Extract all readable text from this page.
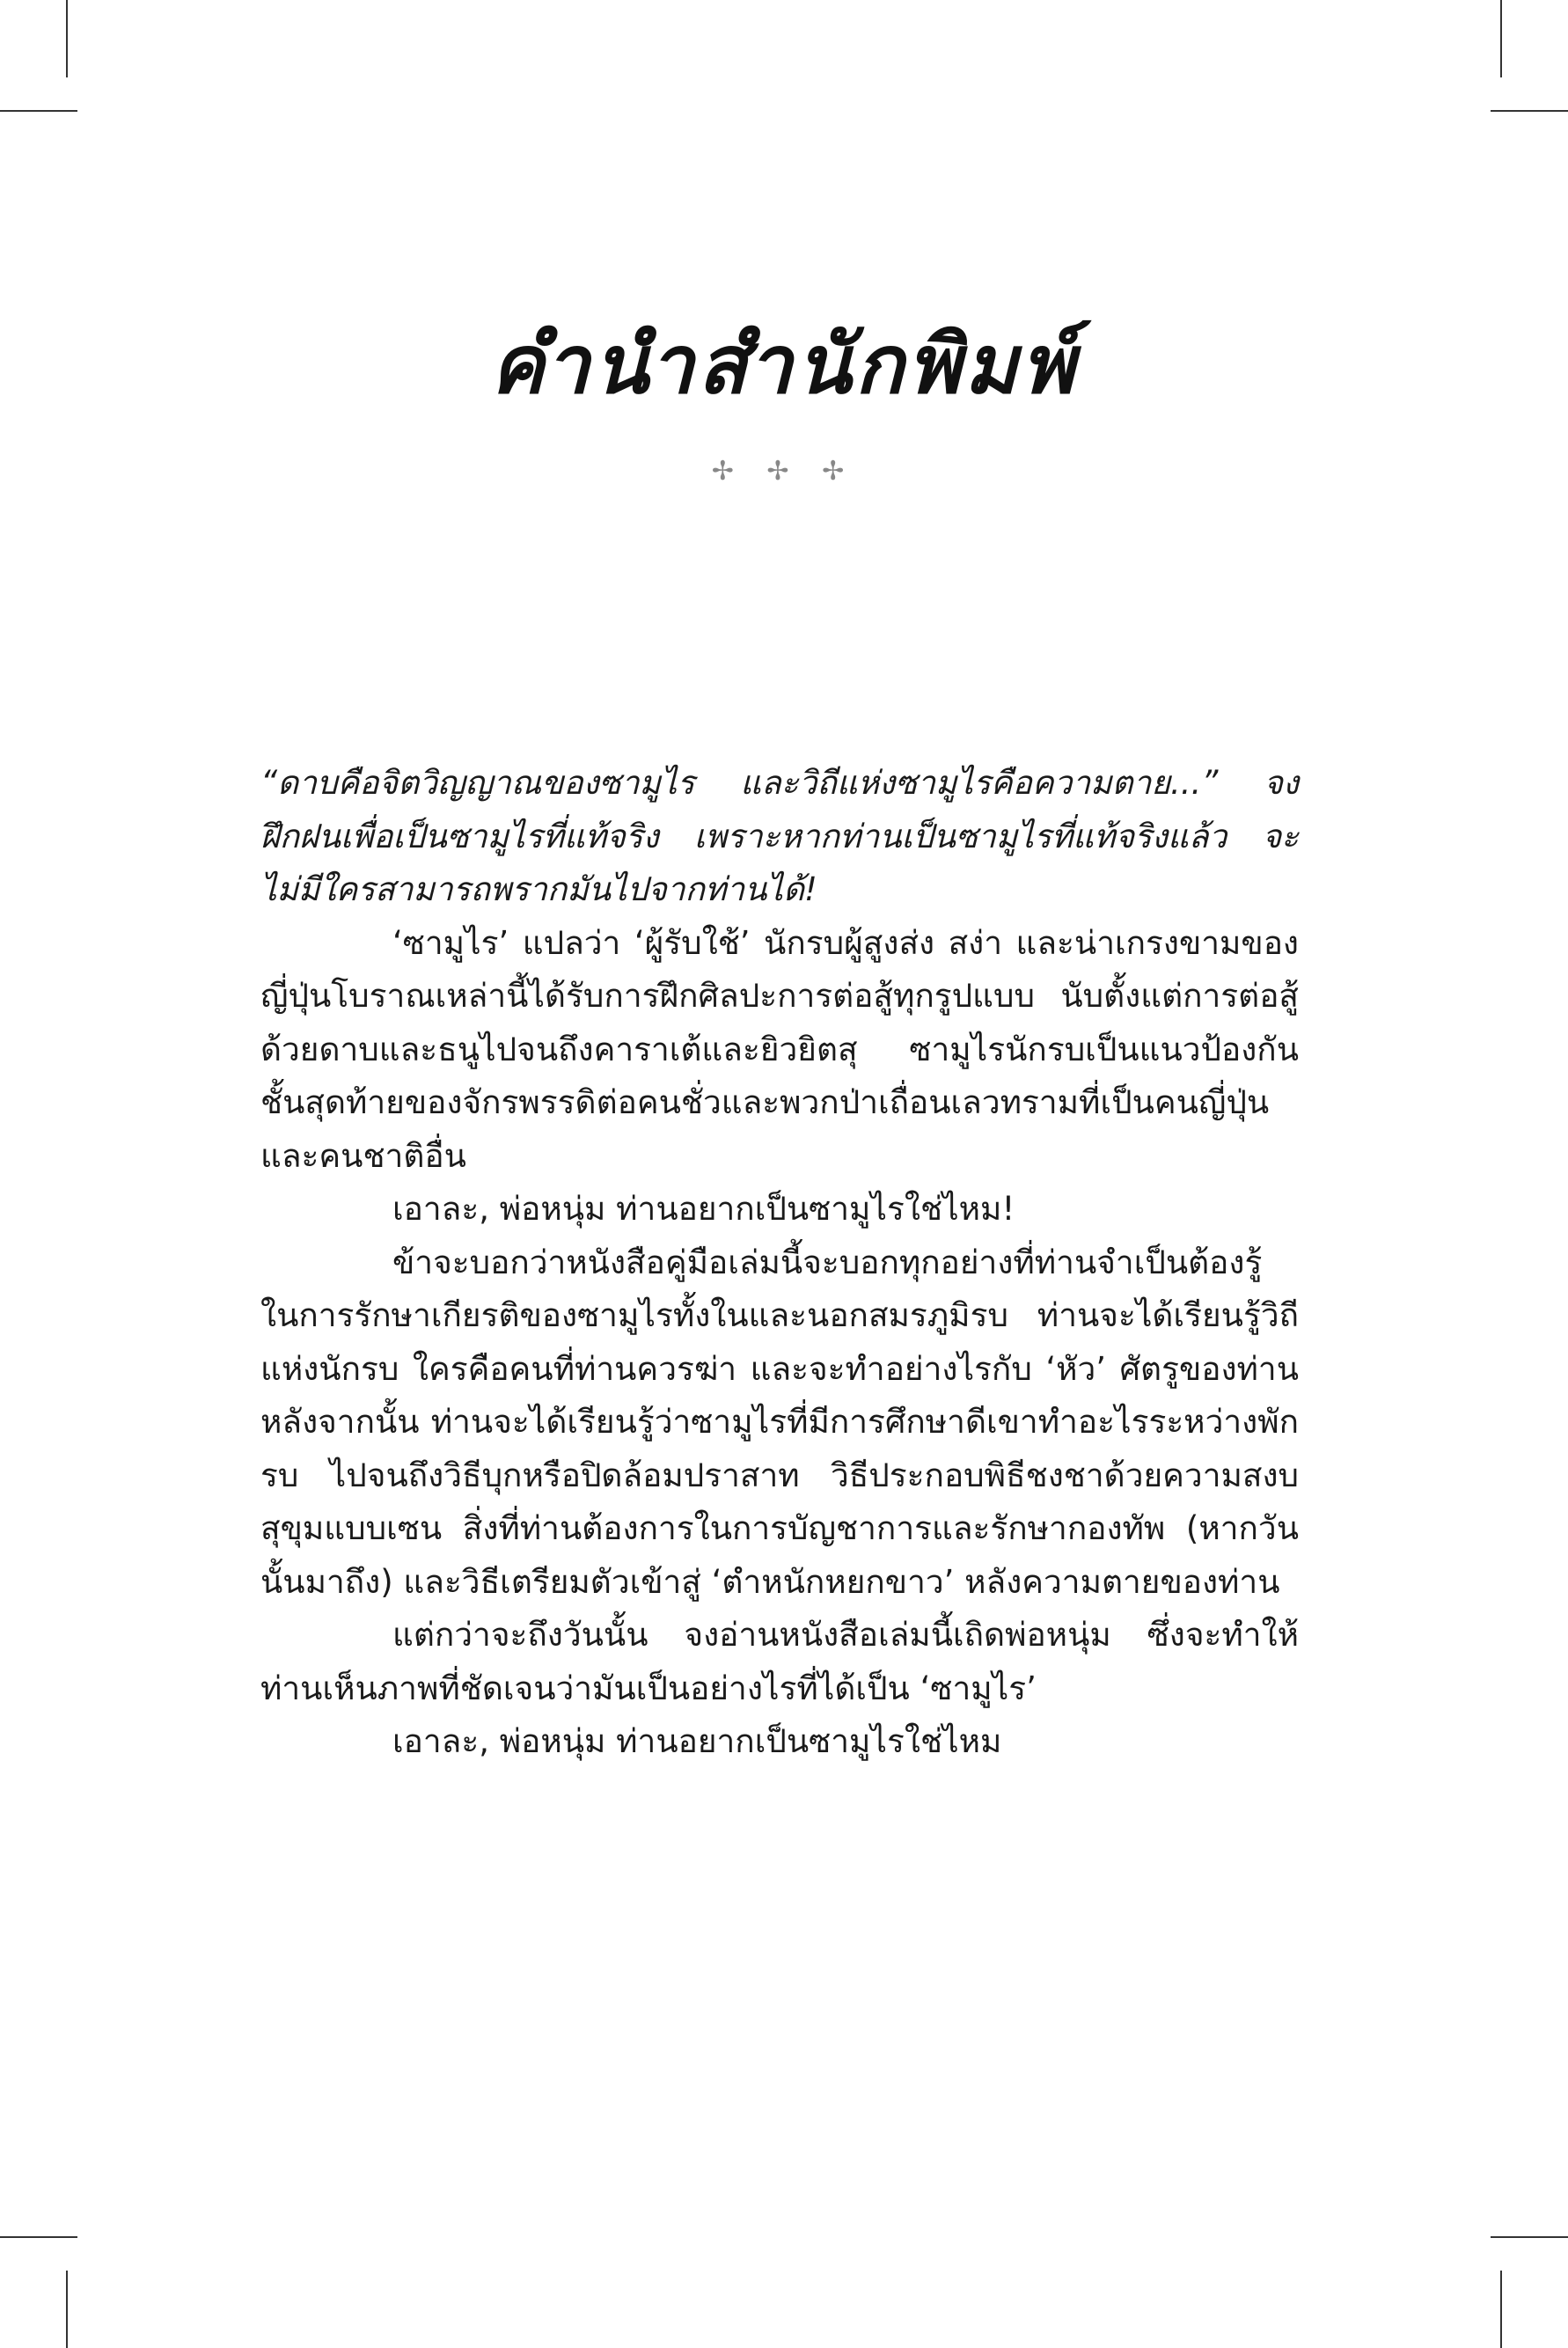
คำนำสำนักพิมพ์
✢ ✢ ✢

“ดาบคือจิตวิญญาณของซามูไร และวิถีแห่งซามูไรคือความตาย...” จงฝึกฝนเพื่อเป็นซามูไรที่แท้จริง เพราะหากท่านเป็นซามูไรที่แท้จริงแล้ว จะไม่มีใครสามารถพรากมันไปจากท่านได้!

‘ซามูไร’ แปลว่า ‘ผู้รับใช้’ นักรบผู้สูงส่ง สง่า และน่าเกรงขามของญี่ปุ่นโบราณเหล่านี้ได้รับการฝึกศิลปะการต่อสู้ทุกรูปแบบ นับตั้งแต่การต่อสู้ด้วยดาบและธนูไปจนถึงคาราเต้และยิวยิตสุ ซามูไรนักรบเป็นแนวป้องกันชั้นสุดท้ายของจักรพรรดิต่อคนชั่วและพวกป่าเถื่อนเลวทรามที่เป็นคนญี่ปุ่นและคนชาติอื่น

เอาละ, พ่อหนุ่ม ท่านอยากเป็นซามูไรใช่ไหม!

ข้าจะบอกว่าหนังสือคู่มือเล่มนี้จะบอกทุกอย่างที่ท่านจำเป็นต้องรู้ในการรักษาเกียรติของซามูไรทั้งในและนอกสมรภูมิรบ ท่านจะได้เรียนรู้วิถีแห่งนักรบ ใครคือคนที่ท่านควรฆ่า และจะทำอย่างไรกับ ‘หัว’ ศัตรูของท่านหลังจากนั้น ท่านจะได้เรียนรู้ว่าซามูไรที่มีการศึกษาดีเขาทำอะไรระหว่างพักรบ ไปจนถึงวิธีบุกหรือปิดล้อมปราสาท วิธีประกอบพิธีชงชาด้วยความสงบสุขุมแบบเซน สิ่งที่ท่านต้องการในการบัญชาการและรักษากองทัพ (หากวันนั้นมาถึง) และวิธีเตรียมตัวเข้าสู่ ‘ตำหนักหยกขาว’ หลังความตายของท่าน

แต่กว่าจะถึงวันนั้น จงอ่านหนังสือเล่มนี้เถิดพ่อหนุ่ม ซึ่งจะทำให้ท่านเห็นภาพที่ชัดเจนว่ามันเป็นอย่างไรที่ได้เป็น ‘ซามูไร’

เอาละ, พ่อหนุ่ม ท่านอยากเป็นซามูไรใช่ไหม
